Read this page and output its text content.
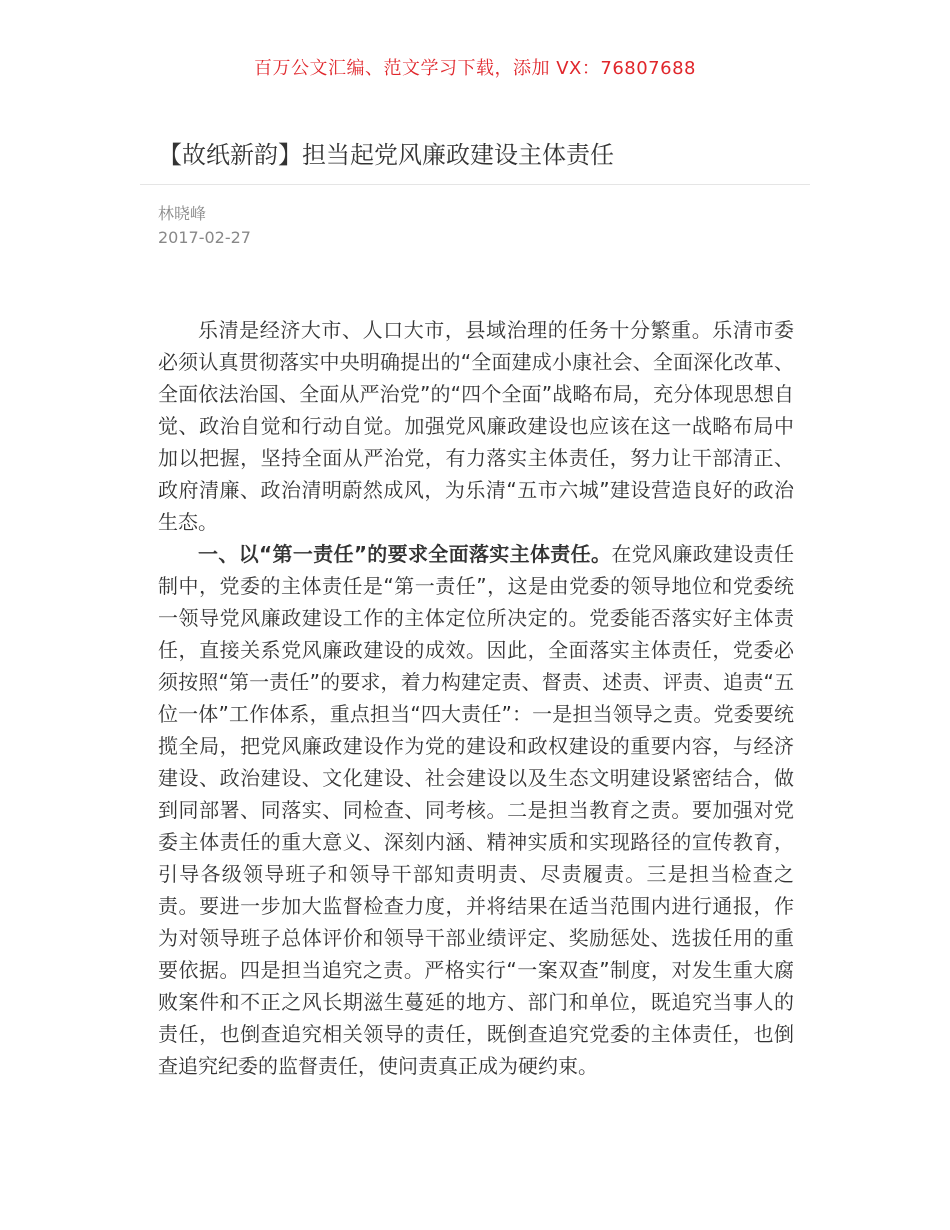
百万公文汇编、范文学习下载，添加 VX：76807688
【故纸新韵】担当起党风廉政建设主体责任
林晓峰
2017-02-27

乐清是经济大市、人口大市，县域治理的任务十分繁重。乐清市委必须认真贯彻落实中央明确提出的“全面建成小康社会、全面深化改革、全面依法治国、全面从严治党”的“四个全面”战略布局，充分体现思想自觉、政治自觉和行动自觉。加强党风廉政建设也应该在这一战略布局中加以把握，坚持全面从严治党，有力落实主体责任，努力让干部清正、政府清廉、政治清明蔚然成风，为乐清“五市六城”建设营造良好的政治生态。

一、以“第一责任”的要求全面落实主体责任。在党风廉政建设责任制中，党委的主体责任是“第一责任”，这是由党委的领导地位和党委统一领导党风廉政建设工作的主体定位所决定的。党委能否落实好主体责任，直接关系党风廉政建设的成效。因此，全面落实主体责任，党委必须按照“第一责任”的要求，着力构建定责、督责、述责、评责、追责“五位一体”工作体系，重点担当“四大责任”：一是担当领导之责。党委要统揽全局，把党风廉政建设作为党的建设和政权建设的重要内容，与经济建设、政治建设、文化建设、社会建设以及生态文明建设紧密结合，做到同部署、同落实、同检查、同考核。二是担当教育之责。要加强对党委主体责任的重大意义、深刻内涵、精神实质和实现路径的宣传教育，引导各级领导班子和领导干部知责明责、尽责履责。三是担当检查之责。要进一步加大监督检查力度，并将结果在适当范围内进行通报，作为对领导班子总体评价和领导干部业绩评定、奖励惩处、选拔任用的重要依据。四是担当追究之责。严格实行“一案双查”制度，对发生重大腐败案件和不正之风长期滋生蔓延的地方、部门和单位，既追究当事人的责任，也倒查追究相关领导的责任，既倒查追究党委的主体责任，也倒查追究纪委的监督责任，使问责真正成为硬约束。
